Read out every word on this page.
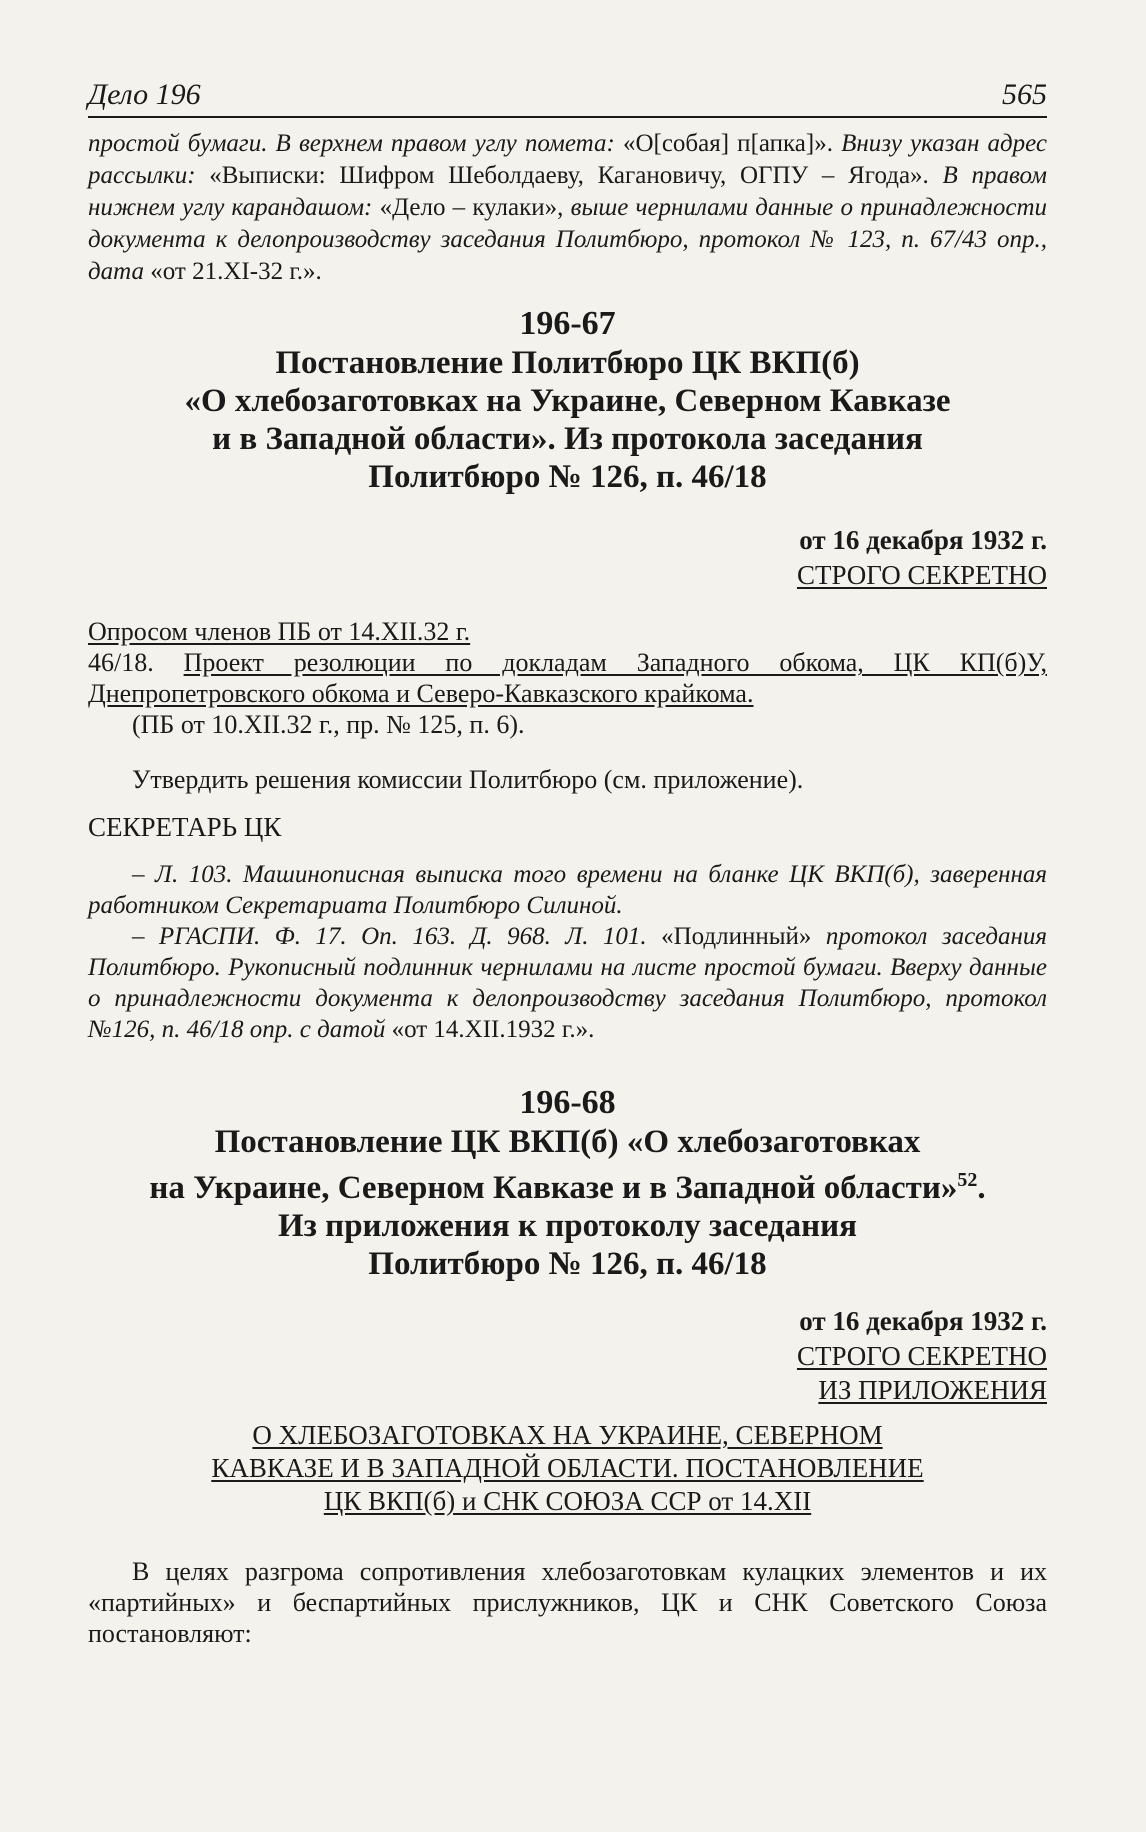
Дело 196	565

простой бумаги. В верхнем правом углу помета: «О[собая] п[апка]». Внизу указан адрес рассылки: «Выписки: Шифром Шеболдаеву, Кагановичу, ОГПУ – Ягода». В правом нижнем углу карандашом: «Дело – кулаки», выше чернилами данные о принадлежности документа к делопроизводству заседания Политбюро, протокол № 123, п. 67/43 опр., дата «от 21.XI-32 г.».

196-67
Постановление Политбюро ЦК ВКП(б)
«О хлебозаготовках на Украине, Северном Кавказе
и в Западной области». Из протокола заседания
Политбюро № 126, п. 46/18
от 16 декабря 1932 г.
СТРОГО СЕКРЕТНО
Опросом членов ПБ от 14.XII.32 г.

46/18. Проект резолюции по докладам Западного обкома, ЦК КП(б)У, Днепропетровского обкома и Северо-Кавказского крайкома.

(ПБ от 10.XII.32 г., пр. № 125, п. 6).

Утвердить решения комиссии Политбюро (см. приложение).

СЕКРЕТАРЬ ЦК

– Л. 103. Машинописная выписка того времени на бланке ЦК ВКП(б), заверенная работником Секретариата Политбюро Силиной.

– РГАСПИ. Ф. 17. Оп. 163. Д. 968. Л. 101. «Подлинный» протокол заседания Политбюро. Рукописный подлинник чернилами на листе простой бумаги. Вверху данные о принадлежности документа к делопроизводству заседания Политбюро, протокол №126, п. 46/18 опр. с датой «от 14.XII.1932 г.».

196-68
Постановление ЦК ВКП(б) «О хлебозаготовках
на Украине, Северном Кавказе и в Западной области»$^{52}$.
Из приложения к протоколу заседания
Политбюро № 126, п. 46/18
от 16 декабря 1932 г.
СТРОГО СЕКРЕТНО
ИЗ ПРИЛОЖЕНИЯ
О ХЛЕБОЗАГОТОВКАХ НА УКРАИНЕ, СЕВЕРНОМ
КАВКАЗЕ И В ЗАПАДНОЙ ОБЛАСТИ. ПОСТАНОВЛЕНИЕ
ЦК ВКП(б) и СНК СОЮЗА ССР от 14.XII

В целях разгрома сопротивления хлебозаготовкам кулацких элементов и их «партийных» и беспартийных прислужников, ЦК и СНК Советского Союза постановляют:
